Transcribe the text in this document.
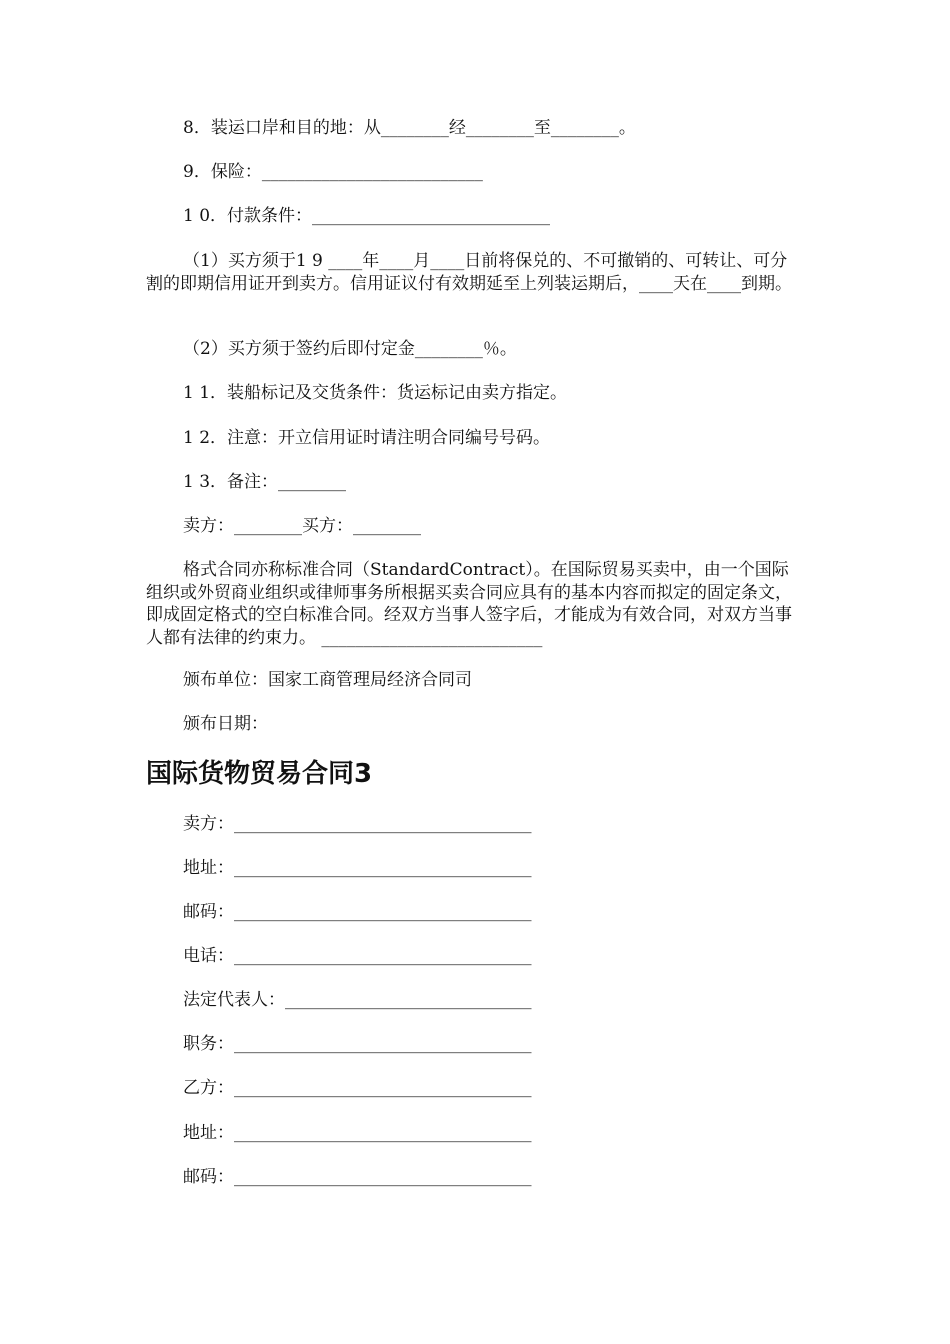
8．装运口岸和目的地：从________经________至________。
9．保险：__________________________
1 0．付款条件：____________________________
（1）买方须于1 9 ____年____月____日前将保兑的、不可撤销的、可转让、可分割的即期信用证开到卖方。信用证议付有效期延至上列装运期后，____天在____到期。
（2）买方须于签约后即付定金________％。
1 1．装船标记及交货条件：货运标记由卖方指定。
1 2．注意：开立信用证时请注明合同编号号码。
1 3．备注：________
卖方：________买方：________
格式合同亦称标准合同（StandardContract）。在国际贸易买卖中，由一个国际组织或外贸商业组织或律师事务所根据买卖合同应具有的基本内容而拟定的固定条文，即成固定格式的空白标准合同。经双方当事人签字后，才能成为有效合同，对双方当事人都有法律的约束力。 __________________________
颁布单位：国家工商管理局经济合同司
颁布日期：
国际货物贸易合同3
卖方：___________________________________
地址：___________________________________
邮码：___________________________________
电话：___________________________________
法定代表人：_____________________________
职务：___________________________________
乙方：___________________________________
地址：___________________________________
邮码：___________________________________
